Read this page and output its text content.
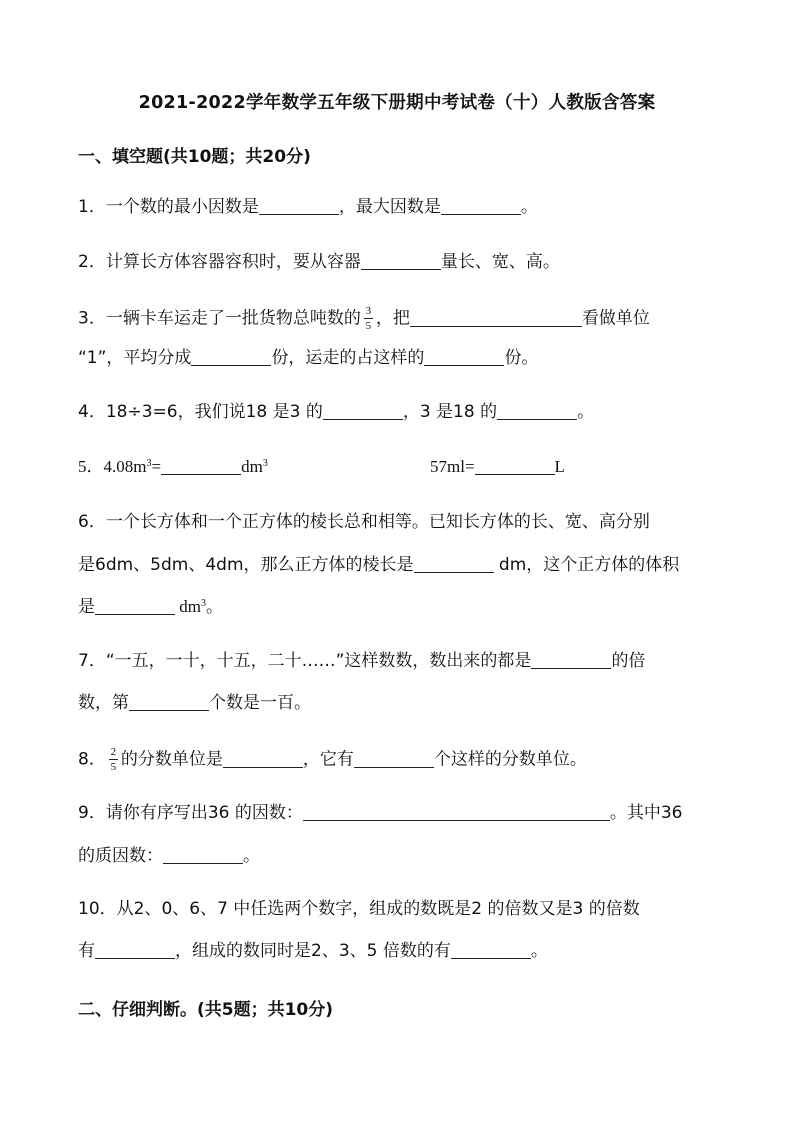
2021-2022学年数学五年级下册期中考试卷（十）人教版含答案
一、填空题(共10题；共20分)
1．一个数的最小因数是	，最大因数是	。
2．计算长方体容器容积时，要从容器	量长、宽、高。
3．一辆卡车运走了一批货物总吨数的 $\frac{3}{5}$ ，把	看做单位
“1”，平均分成	份，运走的占这样的	份。
4．18÷3=6，我们说18 是3 的	，3 是18 的	。
5．$4.08m^3=$	$dm^3$	57ml=	L
6．一个长方体和一个正方体的棱长总和相等。已知长方体的长、宽、高分别
是6dm、5dm、4dm，那么正方体的棱长是	dm，这个正方体的体积
是	$dm^3$。
7．“一五，一十，十五，二十……”这样数数，数出来的都是	的倍
数，第	个数是一百。
8． $\frac{2}{5}$ 的分数单位是	，它有	个这样的分数单位。
9．请你有序写出36 的因数：	。其中36
的质因数：	。
10．从2、0、6、7 中任选两个数字，组成的数既是2 的倍数又是3 的倍数
有	，组成的数同时是2、3、5 倍数的有	。
二、仔细判断。(共5题；共10分)
